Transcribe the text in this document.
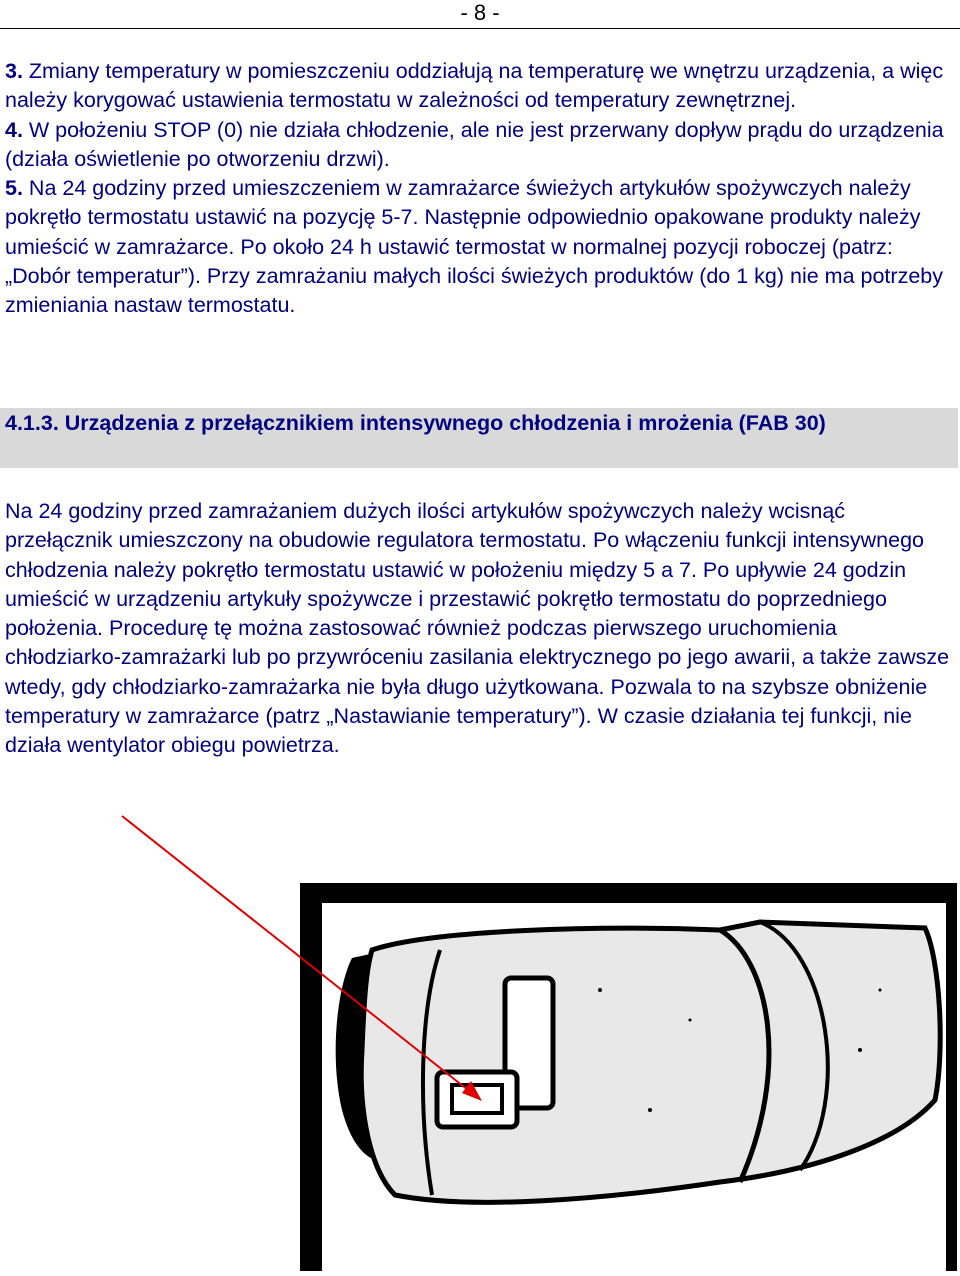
- 8 -

3. Zmiany temperatury w pomieszczeniu oddziałują na temperaturę we wnętrzu urządzenia, a więc należy korygować ustawienia termostatu w zależności od temperatury zewnętrznej.

4. W położeniu STOP (0) nie działa chłodzenie, ale nie jest przerwany dopływ prądu do urządzenia (działa oświetlenie po otworzeniu drzwi).

5. Na 24 godziny przed umieszczeniem w zamrażarce świeżych artykułów spożywczych należy    pokrętło termostatu ustawić na pozycję 5-7. Następnie odpowiednio opakowane produkty należy umieścić w zamrażarce. Po około 24 h ustawić termostat w normalnej pozycji roboczej (patrz: „Dobór temperatur”). Przy zamrażaniu małych ilości świeżych produktów (do 1 kg) nie ma potrzeby zmieniania nastaw termostatu.

4.1.3. Urządzenia z przełącznikiem intensywnego chłodzenia i mrożenia (FAB 30)

Na 24 godziny przed zamrażaniem dużych ilości artykułów spożywczych należy wcisnąć przełącznik umieszczony na obudowie regulatora termostatu. Po włączeniu funkcji intensywnego chłodzenia należy pokrętło termostatu ustawić w położeniu między 5 a 7. Po upływie 24 godzin umieścić w urządzeniu artykuły spożywcze i przestawić pokrętło termostatu do poprzedniego położenia. Procedurę tę można zastosować również podczas pierwszego uruchomienia chłodziarko-zamrażarki lub po przywróceniu zasilania elektrycznego po jego awarii, a także zawsze wtedy, gdy chłodziarko-zamrażarka nie była długo użytkowana. Pozwala to na szybsze obniżenie temperatury w zamrażarce (patrz „Nastawianie temperatury”). W czasie działania tej funkcji, nie działa wentylator obiegu powietrza.
